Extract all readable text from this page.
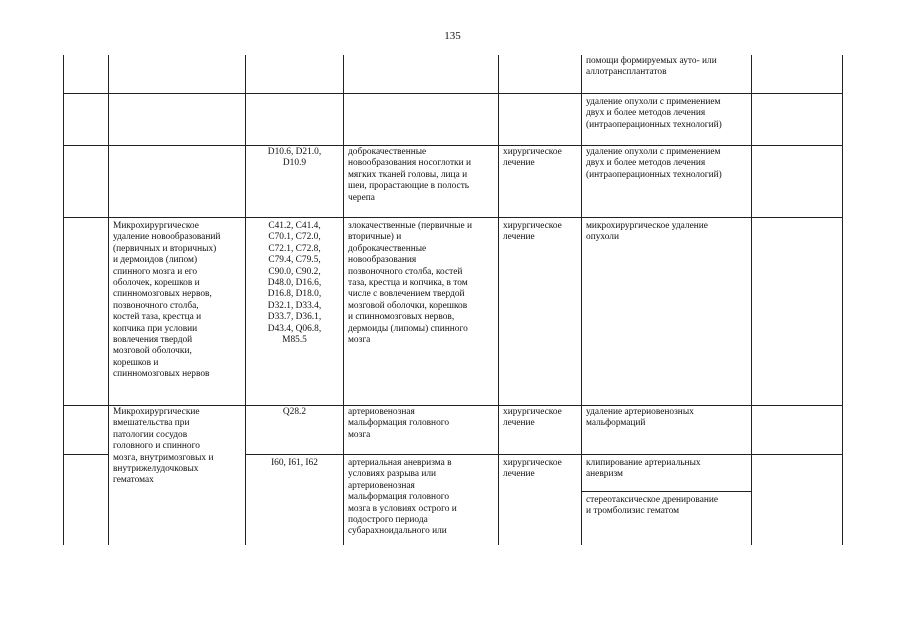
135
помощи формируемых ауто- или
аллотрансплантатов
удаление опухоли с применением
двух и более методов лечения
(интраоперационных технологий)
D10.6, D21.0,
D10.9
доброкачественные
новообразования носоглотки и
мягких тканей головы, лица и
шеи, прорастающие в полость
черепа
хирургическое
лечение
удаление опухоли с применением
двух и более методов лечения
(интраоперационных технологий)
Микрохирургическое
удаление новообразований
(первичных и вторичных)
и дермоидов (липом)
спинного мозга и его
оболочек, корешков и
спинномозговых нервов,
позвоночного столба,
костей таза, крестца и
копчика при условии
вовлечения твердой
мозговой оболочки,
корешков и
спинномозговых нервов
C41.2, C41.4,
C70.1, C72.0,
C72.1, C72.8,
C79.4, C79.5,
C90.0, C90.2,
D48.0, D16.6,
D16.8, D18.0,
D32.1, D33.4,
D33.7, D36.1,
D43.4, Q06.8,
M85.5
злокачественные (первичные и
вторичные) и
доброкачественные
новообразования
позвоночного столба, костей
таза, крестца и копчика, в том
числе с вовлечением твердой
мозговой оболочки, корешков
и спинномозговых нервов,
дермоиды (липомы) спинного
мозга
хирургическое
лечение
микрохирургическое удаление
опухоли
Микрохирургические
вмешательства при
патологии сосудов
головного и спинного
мозга, внутримозговых и
внутрижелудочковых
гематомах
Q28.2	артериовенозная
мальформация головного
мозга
хирургическое
лечение
удаление артериовенозных
мальформаций
I60, I61, I62	артериальная аневризма в
условиях разрыва или
артериовенозная
мальформация головного
мозга в условиях острого и
подострого периода
субарахноидального или
хирургическое
лечение
клипирование артериальных
аневризм
стереотаксическое дренирование
и тромболизис гематом
